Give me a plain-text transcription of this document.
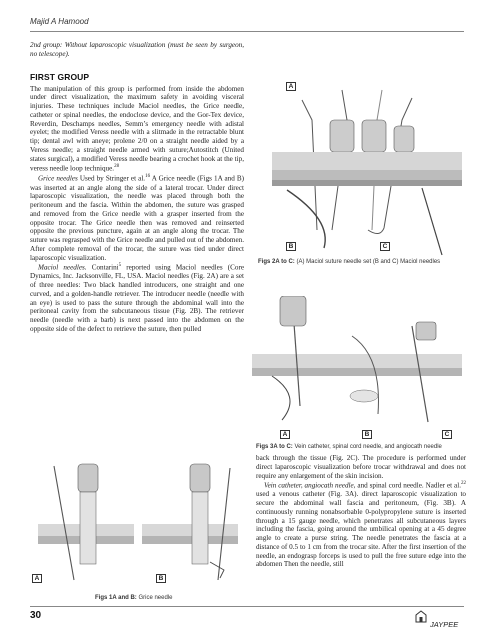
Majid A Hamood

2nd group: Without laparoscopic visualization (must be seen by surgeon, no telescope).

FIRST GROUP

The manipulation of this group is performed from inside the abdomen under direct visualization, the maximum safety in avoiding visceral injuries. These techniques include Maciol needles, the Grice needle, catheter or spinal needles, the endoclose device, and the Gor-Tex device, Reverdin, Deschamps needles, Semm’s emergency needle with adistal eyelet; the modified Veress needle with a slitmade in the retractable blunt tip; dental awl with aneye; prolene 2/0 on a straight needle aided by a Veress needle; a straight needle armed with suture;Autostitch (United states surgical), a modified Veress needle bearing a crochet hook at the tip, veress needle loop technique.$^{28}$

Grice needles Used by Stringer et al.$^{16}$ A Grice needle (Figs 1A and B) was inserted at an angle along the side of a lateral trocar. Under direct laparoscopic visualization, the needle was placed through both the peritoneum and the fascia. Within the abdomen, the suture was grasped and removed from the Grice needle with a grasper inserted from the opposite trocar. The Grice needle then was removed and reinserted opposite the previous puncture, again at an angle along the trocar. The suture was regrasped with the Grice needle and pulled out of the abdomen. After complete removal of the trocar, the suture was tied under direct laparoscopic visualization.

Maciol needles. Contarini$^5$ reported using Maciol needles (Core Dynamics, Inc. Jacksonville, FL, USA. Maciol needles (Fig. 2A) are a set of three needles: Two black handled introducers, one straight and one curved, and a golden-handle retriever. The introducer needle (needle with an eye) is used to pass the suture through the abdominal wall into the peritoneal cavity from the subcutaneous tissue (Fig. 2B). The retriever needle (needle with a barb) is next passed into the abdomen on the opposite side of the defect to retrieve the suture, then pulled

A
B	C
Figs 2A to C: (A) Maciol suture needle set (B and C) Maciol needles
A	B	C
Figs 3A to C: Vein catheter, spinal cord needle, and angiocath needle

back through the tissue (Fig. 2C). The procedure is performed under direct laparoscopic visualization before trocar withdrawal and does not require any enlargement of the skin incision.

Vein catheter, angiocath needle, and spinal cord needle. Nadler et al.$^{22}$ used a venous catheter (Fig. 3A). direct laparoscopic visualization to secure the abdominal wall fascia and peritoneum, (Fig. 3B). A continuously running nonabsorbable 0-polypropylene suture is inserted through a 15 gauge needle, which penetrates all subcutaneous layers including the fascia, going around the umbilical opening at a 45 degree angle to create a purse string. The needle penetrates the fascia at a distance of 0.5 to 1 cm from the trocar site. After the first insertion of the needle, an endograsp forceps is used to pull the free suture edge into the abdomen Then the needle, still

A	B
Figs 1A and B: Grice needle
30
JAYPEE
